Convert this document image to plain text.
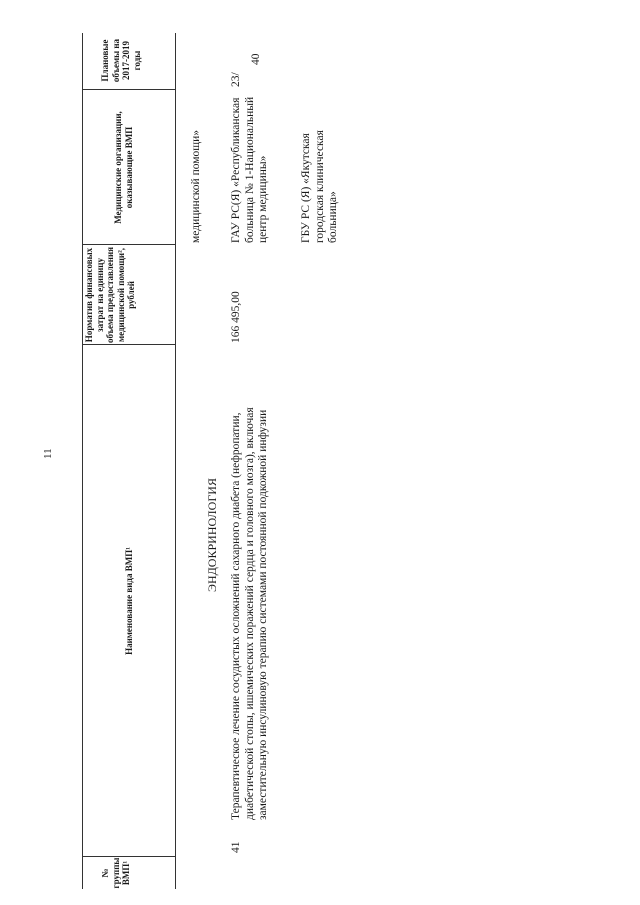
11
№ группы ВМП¹
Наименование вида ВМП¹
Норматив финансовых затрат на единицу объема предоставления медицинской помощи², рублей
Медицинские организации, оказывающие ВМП
Плановые объемы на 2017-2019 годы
медицинской помощи»
ЭНДОКРИНОЛОГИЯ
41
Терапевтическое лечение сосудистых осложнений сахарного диабета (нефропатии, диабетической стопы, ишемических поражений сердца и головного мозга), включая заместительную инсулиновую терапию системами постоянной подкожной инфузии
166 495,00
ГАУ РС(Я) «Республиканская больница № 1-Национальный центр медицины»	ГБУ РС (Я) «Якутская городская клиническая больница»
23/
40
